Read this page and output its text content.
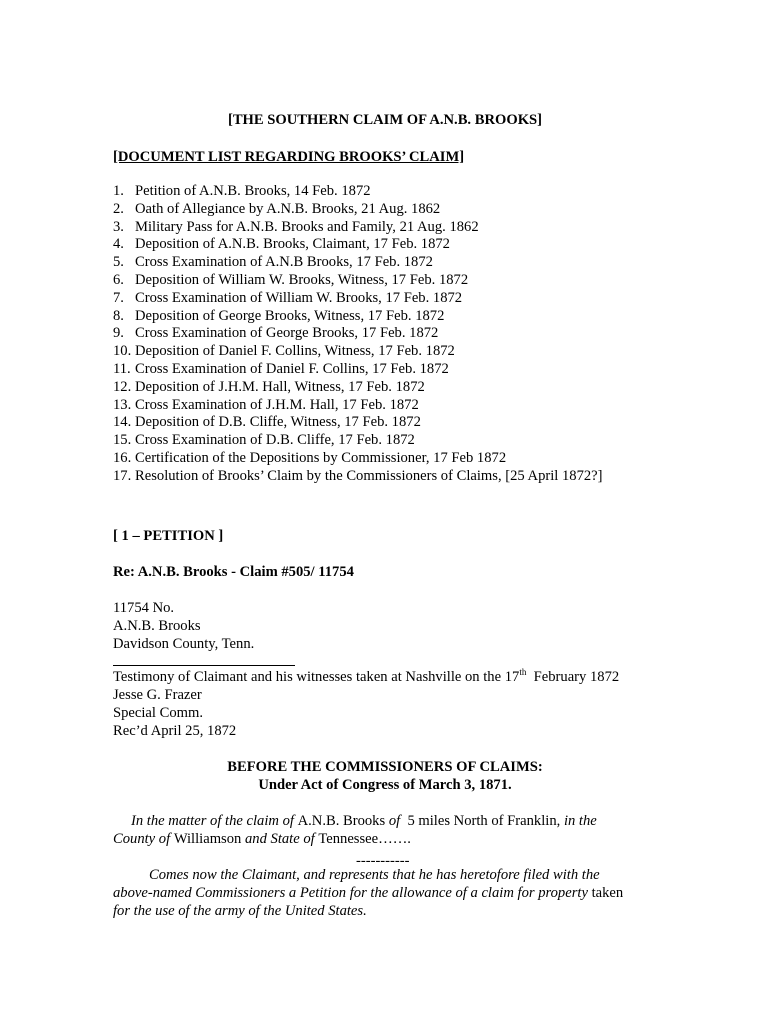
[THE SOUTHERN CLAIM OF A.N.B. BROOKS]
[DOCUMENT LIST REGARDING BROOKS’ CLAIM]
1. Petition of A.N.B. Brooks, 14 Feb. 1872
2. Oath of Allegiance by A.N.B. Brooks, 21 Aug. 1862
3. Military Pass for A.N.B. Brooks and Family, 21 Aug. 1862
4. Deposition of A.N.B. Brooks, Claimant, 17 Feb. 1872
5. Cross Examination of A.N.B Brooks, 17 Feb. 1872
6. Deposition of William W. Brooks, Witness, 17 Feb. 1872
7. Cross Examination of William W. Brooks, 17 Feb. 1872
8. Deposition of George Brooks, Witness, 17 Feb. 1872
9. Cross Examination of George Brooks, 17 Feb. 1872
10. Deposition of Daniel F. Collins, Witness, 17 Feb. 1872
11. Cross Examination of Daniel F. Collins, 17 Feb. 1872
12. Deposition of J.H.M. Hall, Witness, 17 Feb. 1872
13. Cross Examination of J.H.M. Hall, 17 Feb. 1872
14. Deposition of D.B. Cliffe, Witness, 17 Feb. 1872
15. Cross Examination of D.B. Cliffe, 17 Feb. 1872
16. Certification of the Depositions by Commissioner, 17 Feb 1872
17. Resolution of Brooks’ Claim by the Commissioners of Claims, [25 April 1872?]
[ 1 – PETITION ]
Re: A.N.B. Brooks - Claim #505/ 11754
11754 No.
A.N.B. Brooks
Davidson County, Tenn.
Testimony of Claimant and his witnesses taken at Nashville on the 17th  February 1872
Jesse G. Frazer
Special Comm.
Rec’d April 25, 1872
BEFORE THE COMMISSIONERS OF CLAIMS:
Under Act of Congress of March 3, 1871.
In the matter of the claim of A.N.B. Brooks of  5 miles North of Franklin, in the
County of Williamson and State of Tennessee…….
-----------
Comes now the Claimant, and represents that he has heretofore filed with the
above-named Commissioners a Petition for the allowance of a claim for property taken
for the use of the army of the United States.
